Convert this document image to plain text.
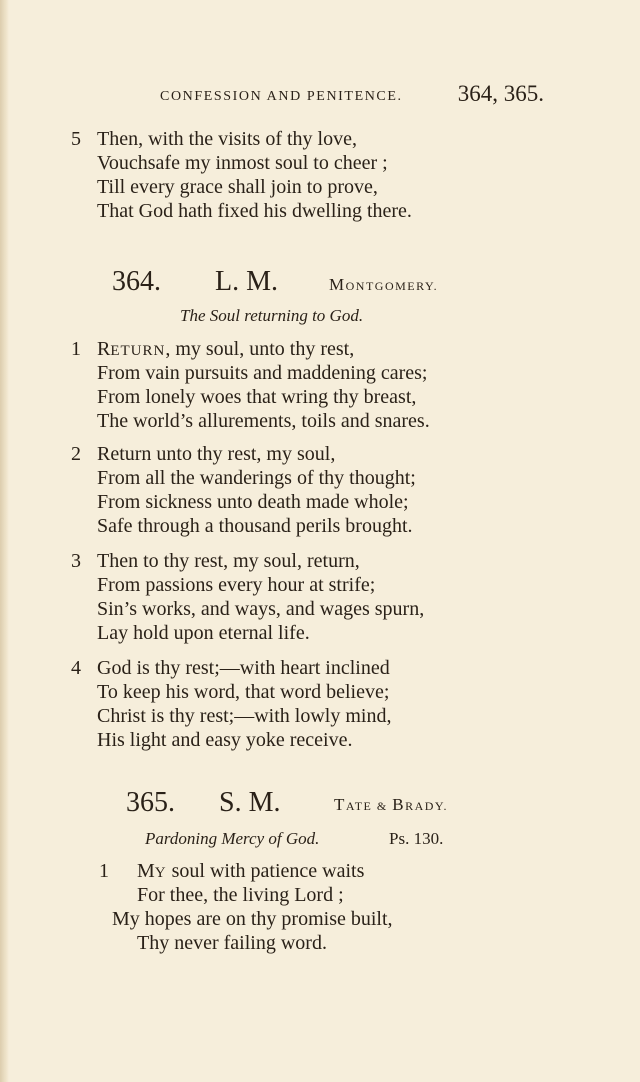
CONFESSION AND PENITENCE. 364, 365.
5 Then, with the visits of thy love,
Vouchsafe my inmost soul to cheer ;
Till every grace shall join to prove,
That God hath fixed his dwelling there.
364. L. M.	MONTGOMERY.
The Soul returning to God.
1 RETURN, my soul, unto thy rest,
From vain pursuits and maddening cares;
From lonely woes that wring thy breast,
The world’s allurements, toils and snares.
2 Return unto thy rest, my soul,
From all the wanderings of thy thought;
From sickness unto death made whole;
Safe through a thousand perils brought.
3 Then to thy rest, my soul, return,
From passions every hour at strife;
Sin’s works, and ways, and wages spurn,
Lay hold upon eternal life.
4 God is thy rest;—with heart inclined
To keep his word, that word believe;
Christ is thy rest;—with lowly mind,
His light and easy yoke receive.
365. S. M.	TATE & BRADY.
Pardoning Mercy of God.	Ps. 130.
1 MY soul with patience waits
For thee, the living Lord ;
My hopes are on thy promise built,
Thy never failing word.
